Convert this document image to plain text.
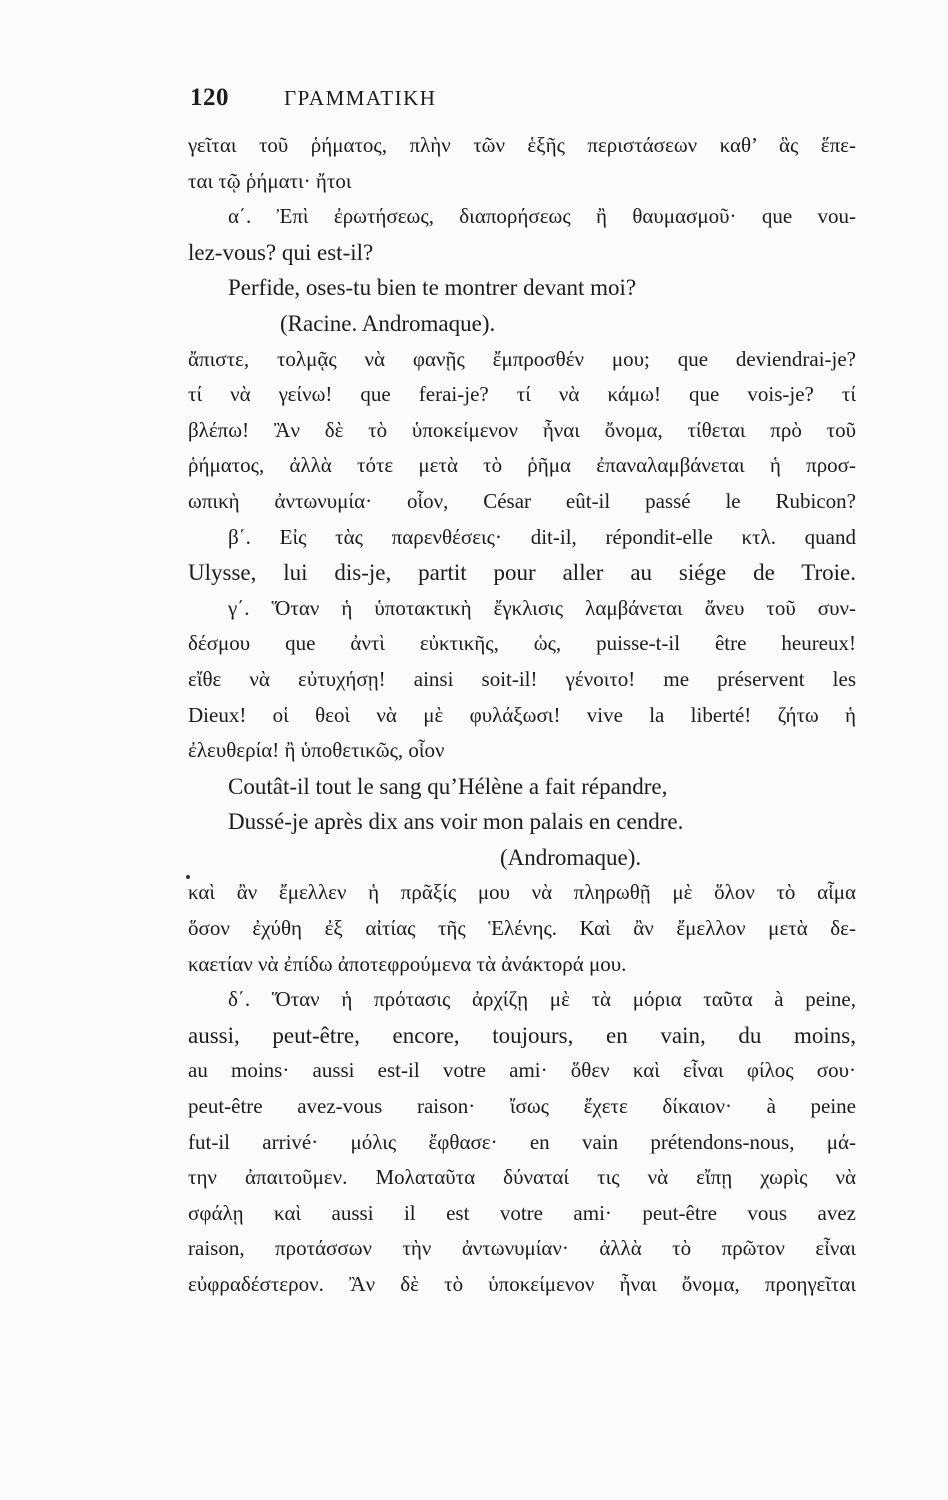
120	ΓΡΑΜΜΑΤΙΚΗ
γεῖται τοῦ ῥήματος, πλὴν τῶν ἑξῆς περιστάσεων καθ’ ἃς ἕπε-
ται τῷ ῥήματι· ἤτοι
α΄. Ἐπὶ ἐρωτήσεως, διαπορήσεως ἢ θαυμασμοῦ· que vou-
lez-vous? qui est-il?
Perfide, oses-tu bien te montrer devant moi?
(Racine. Andromaque).
ἄπιστε, τολμᾷς νὰ φανῇς ἔμπροσθέν μου; que deviendrai-je?
τί νὰ γείνω! que ferai-je? τί νὰ κάμω! que vois-je? τί
βλέπω! Ἂν δὲ τὸ ὑποκείμενον ἦναι ὄνομα, τίθεται πρὸ τοῦ
ῥήματος, ἀλλὰ τότε μετὰ τὸ ῥῆμα ἐπαναλαμβάνεται ἡ προσ-
ωπικὴ ἀντωνυμία· οἷον, César eût-il passé le Rubicon?
β΄. Εἰς τὰς παρενθέσεις· dit-il, répondit-elle κτλ. quand
Ulysse, lui dis-je, partit pour aller au siége de Troie.
γ΄. Ὅταν ἡ ὑποτακτικὴ ἔγκλισις λαμβάνεται ἄνευ τοῦ συν-
δέσμου que ἀντὶ εὐκτικῆς, ὡς, puisse-t-il être heureux!
εἴθε νὰ εὐτυχήσῃ! ainsi soit-il! γένοιτο! me préservent les
Dieux! οἱ θεοὶ νὰ μὲ φυλάξωσι! vive la liberté! ζήτω ἡ
ἐλευθερία! ἢ ὑποθετικῶς, οἷον
Coutât-il tout le sang qu’Hélène a fait répandre,
Dussé-je après dix ans voir mon palais en cendre.
(Andromaque).
καὶ ἂν ἔμελλεν ἡ πρᾶξίς μου νὰ πληρωθῇ μὲ ὅλον τὸ αἷμα
ὅσον ἐχύθη ἐξ αἰτίας τῆς Ἑλένης. Καὶ ἂν ἔμελλον μετὰ δε-
καετίαν νὰ ἐπίδω ἀποτεφρούμενα τὰ ἀνάκτορά μου.
δ΄. Ὅταν ἡ πρότασις ἀρχίζῃ μὲ τὰ μόρια ταῦτα à peine,
aussi, peut-être, encore, toujours, en vain, du moins,
au moins· aussi est-il votre ami· ὅθεν καὶ εἶναι φίλος σου·
peut-être avez-vous raison· ἴσως ἔχετε δίκαιον· à peine
fut-il arrivé· μόλις ἔφθασε· en vain prétendons-nous, μά-
την ἀπαιτοῦμεν. Μολαταῦτα δύναταί τις νὰ εἴπῃ χωρὶς νὰ
σφάλῃ καὶ aussi il est votre ami· peut-être vous avez
raison, προτάσσων τὴν ἀντωνυμίαν· ἀλλὰ τὸ πρῶτον εἶναι
εὐφραδέστερον. Ἂν δὲ τὸ ὑποκείμενον ἦναι ὄνομα, προηγεῖται
